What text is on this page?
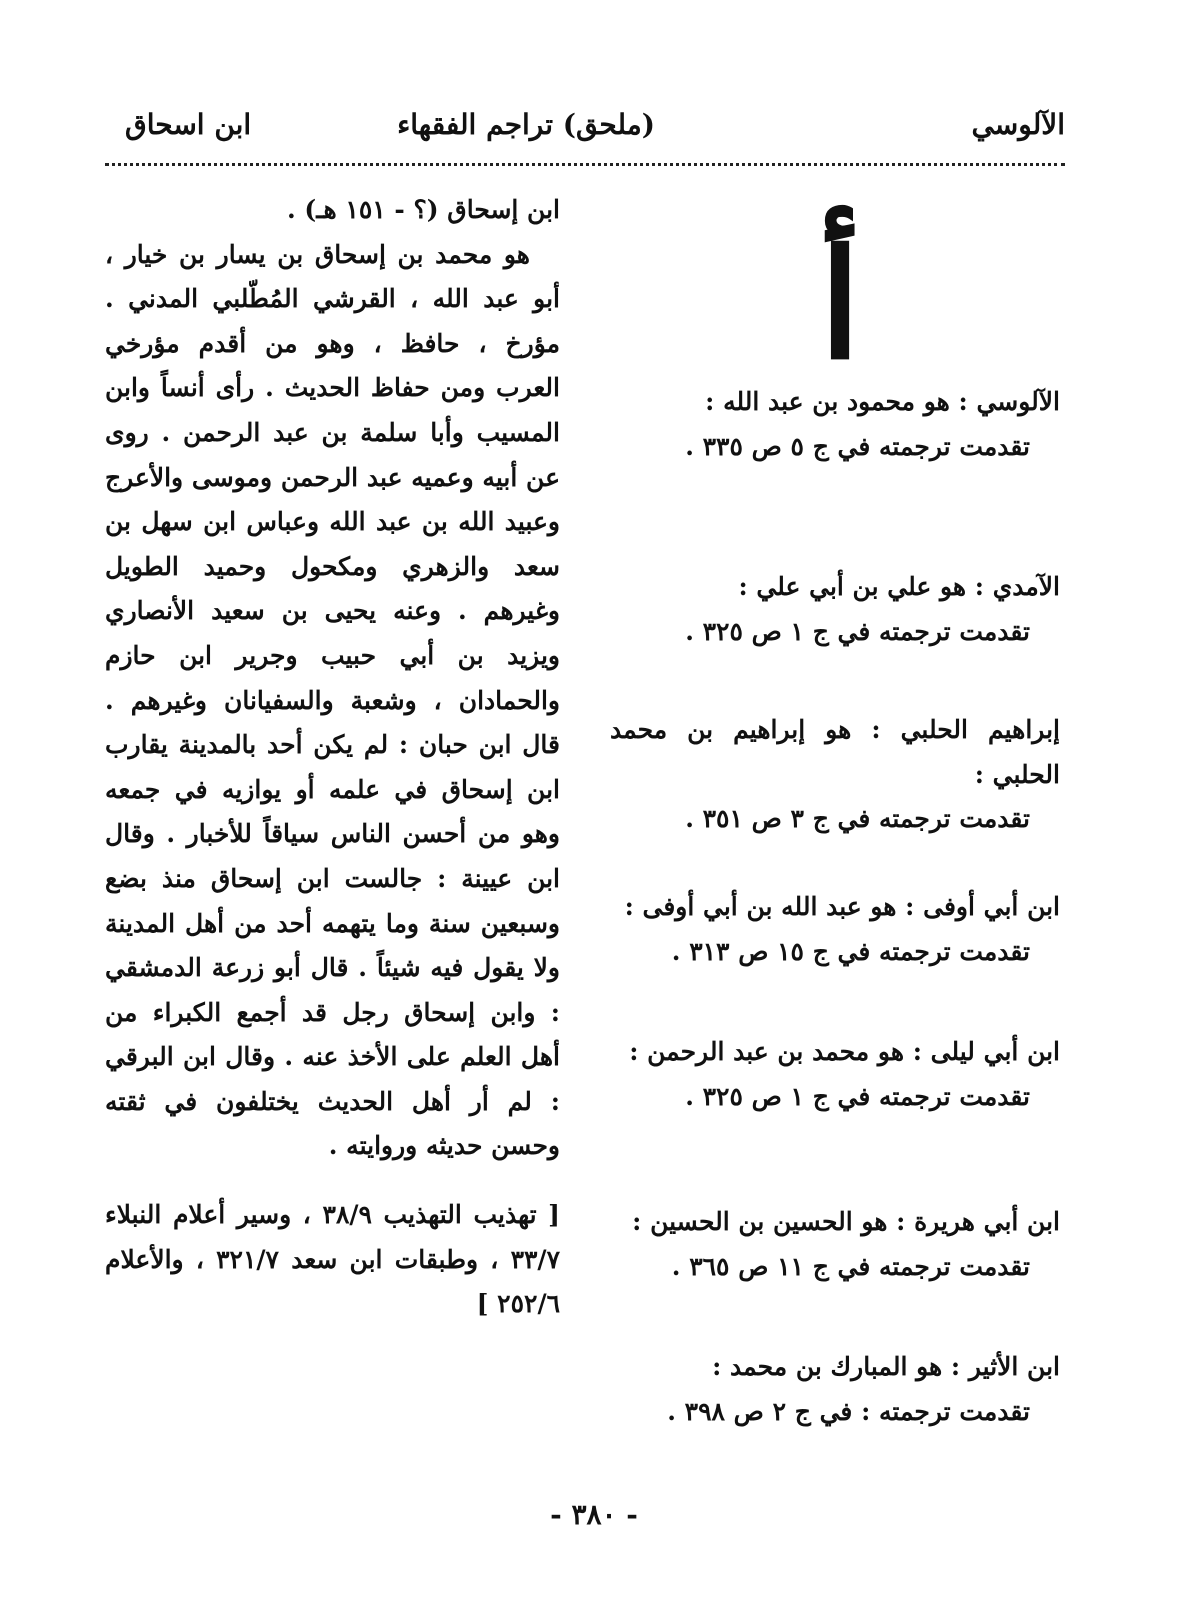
الآلوسي
(ملحق) تراجم الفقهاء
ابن اسحاق
أ
الآلوسي : هو محمود بن عبد الله :
تقدمت ترجمته في ج ٥ ص ٣٣٥ .
الآمدي : هو علي بن أبي علي :
تقدمت ترجمته في ج ١ ص ٣٢٥ .
إبراهيم الحلبي : هو إبراهيم بن محمد الحلبي :
تقدمت ترجمته في ج ٣ ص ٣٥١ .
ابن أبي أوفى : هو عبد الله بن أبي أوفى :
تقدمت ترجمته في ج ١٥ ص ٣١٣ .
ابن أبي ليلى : هو محمد بن عبد الرحمن :
تقدمت ترجمته في ج ١ ص ٣٢٥ .
ابن أبي هريرة : هو الحسين بن الحسين :
تقدمت ترجمته في ج ١١ ص ٣٦٥ .
ابن الأثير : هو المبارك بن محمد :
تقدمت ترجمته : في ج ٢ ص ٣٩٨ .
ابن إسحاق (؟ - ١٥١ هـ) .

هو محمد بن إسحاق بن يسار بن خيار ، أبو عبد الله ، القرشي المُطّلبي المدني . مؤرخ ، حافظ ، وهو من أقدم مؤرخي العرب ومن حفاظ الحديث . رأى أنساً وابن المسيب وأبا سلمة بن عبد الرحمن . روى عن أبيه وعميه عبد الرحمن وموسى والأعرج وعبيد الله بن عبد الله وعباس ابن سهل بن سعد والزهري ومكحول وحميد الطويل وغيرهم . وعنه يحيى بن سعيد الأنصاري ويزيد بن أبي حبيب وجرير ابن حازم والحمادان ، وشعبة والسفيانان وغيرهم . قال ابن حبان : لم يكن أحد بالمدينة يقارب ابن إسحاق في علمه أو يوازيه في جمعه وهو من أحسن الناس سياقاً للأخبار . وقال ابن عيينة : جالست ابن إسحاق منذ بضع وسبعين سنة وما يتهمه أحد من أهل المدينة ولا يقول فيه شيئاً . قال أبو زرعة الدمشقي : وابن إسحاق رجل قد أجمع الكبراء من أهل العلم على الأخذ عنه . وقال ابن البرقي : لم أر أهل الحديث يختلفون في ثقته وحسن حديثه وروايته .

[ تهذيب التهذيب ٣٨/٩ ، وسير أعلام النبلاء ٣٣/٧ ، وطبقات ابن سعد ٣٢١/٧ ، والأعلام ٢٥٢/٦ ]
- ٣٨٠ -
